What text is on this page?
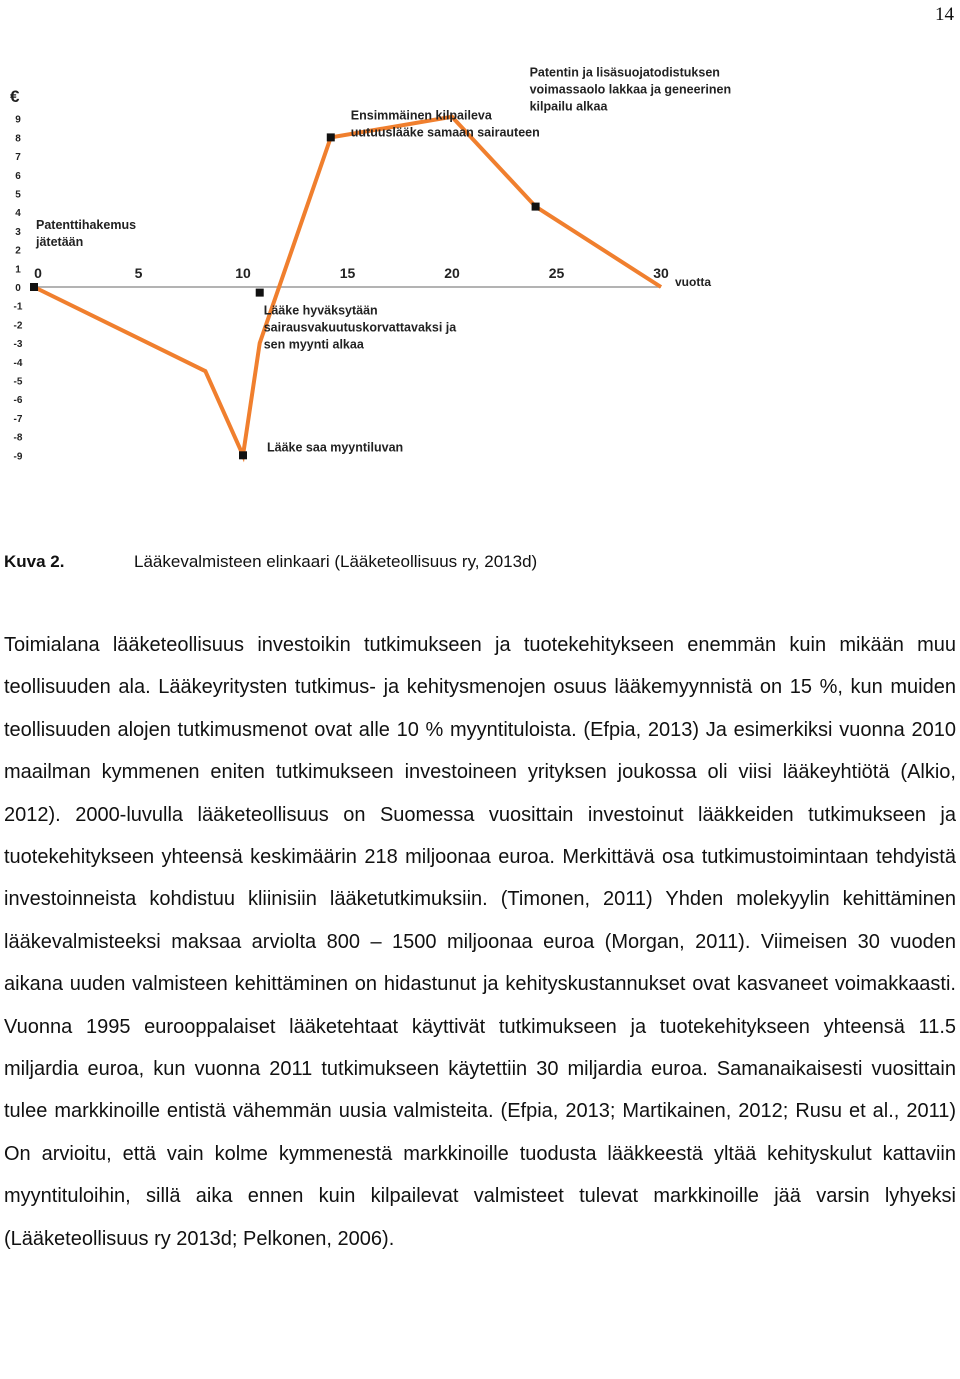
14
€
9
8
7
6
5
4
3
2
1
0
-1
-2
-3
-4
-5
-6
-7
-8
-9
0	5	10	15	20	25	30
vuotta
Patenttihakemus
jätetään
Lääke saa myyntiluvan
Lääke hyväksytään
sairausvakuutuskorvattavaksi ja
sen myynti alkaa
Ensimmäinen kilpaileva
uutuuslääke samaan sairauteen
Patentin ja lisäsuojatodistuksen
voimassaolo lakkaa ja geneerinen
kilpailu alkaa
Kuva 2.	Lääkevalmisteen elinkaari (Lääketeollisuus ry, 2013d)

Toimialana lääketeollisuus investoikin tutkimukseen ja tuotekehitykseen enemmän kuin mikään muu teollisuuden ala. Lääkeyritysten tutkimus- ja kehitysmenojen osuus lääkemyynnistä on 15 %, kun muiden teollisuuden alojen tutkimusmenot ovat alle 10 % myyntituloista. (Efpia, 2013) Ja esimerkiksi vuonna 2010 maailman kymmenen eniten tutkimukseen investoineen yrityksen joukossa oli viisi lääkeyhtiötä (Alkio, 2012). 2000-luvulla lääketeollisuus on Suomessa vuosittain investoinut lääkkeiden tutkimukseen ja tuotekehitykseen yhteensä keskimäärin 218 miljoonaa euroa. Merkittävä osa tutkimustoimintaan tehdyistä investoinneista kohdistuu kliinisiin lääketutkimuksiin. (Timonen, 2011) Yhden molekyylin kehittäminen lääkevalmisteeksi maksaa arviolta 800 – 1500 miljoonaa euroa (Morgan, 2011). Viimeisen 30 vuoden aikana uuden valmisteen kehittäminen on hidastunut ja kehityskustannukset ovat kasvaneet voimakkaasti. Vuonna 1995 eurooppalaiset lääketehtaat käyttivät tutkimukseen ja tuotekehitykseen yhteensä 11.5 miljardia euroa, kun vuonna 2011 tutkimukseen käytettiin 30 miljardia euroa. Samanaikaisesti vuosittain tulee markkinoille entistä vähemmän uusia valmisteita. (Efpia, 2013; Martikainen, 2012; Rusu et al., 2011) On arvioitu, että vain kolme kymmenestä markkinoille tuodusta lääkkeestä yltää kehityskulut kattaviin myyntituloihin, sillä aika ennen kuin kilpailevat valmisteet tulevat markkinoille jää varsin lyhyeksi (Lääketeollisuus ry 2013d; Pelkonen, 2006).
